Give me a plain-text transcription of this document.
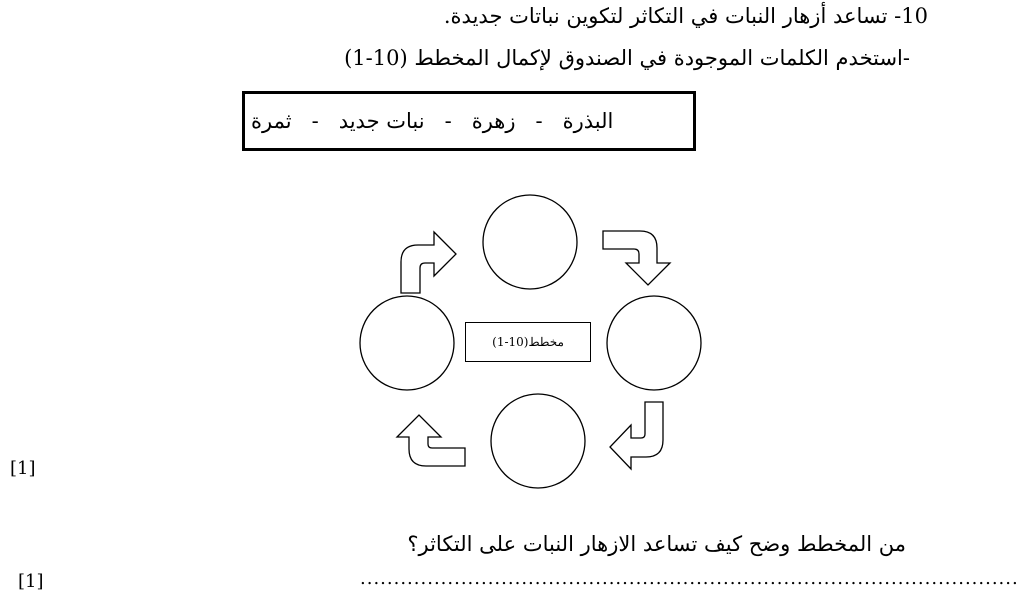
10- تساعد أزهار النبات في التكاثر لتكوين نباتات جديدة.
-استخدم الكلمات الموجودة في الصندوق لإكمال المخطط (10-1)
البذرة
-
زهرة
-
نبات جديد
-
ثمرة
مخطط(10-1)
[1]
من المخطط وضح كيف تساعد الازهار النبات على التكاثر؟
..................................................................................................
[1]
